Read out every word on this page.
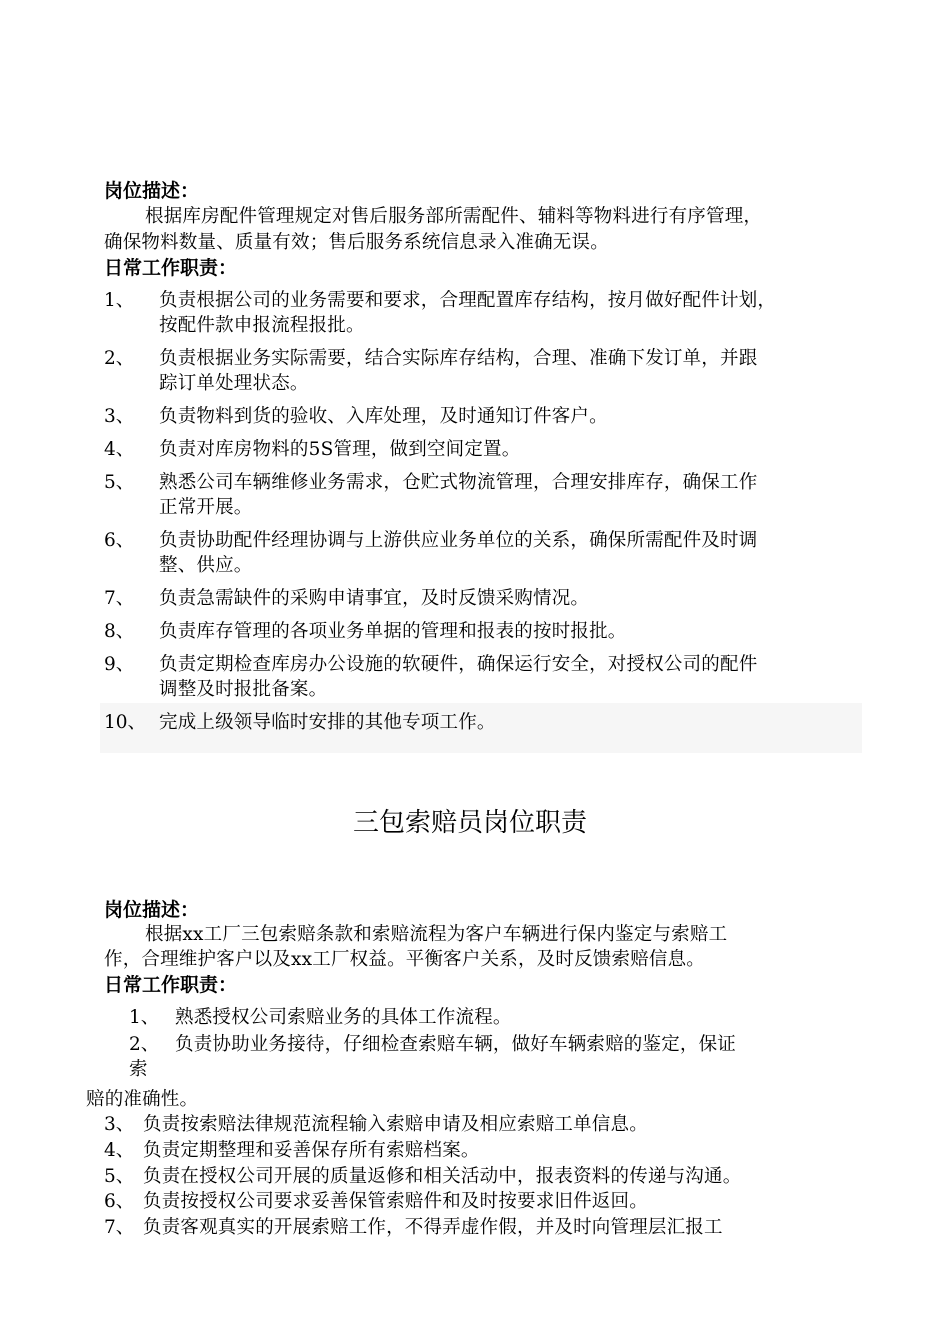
岗位描述：
根据库房配件管理规定对售后服务部所需配件、辅料等物料进行有序管理，
确保物料数量、质量有效；售后服务系统信息录入准确无误。
日常工作职责：
1、 负责根据公司的业务需要和要求，合理配置库存结构，按月做好配件计划，
按配件款申报流程报批。
2、 负责根据业务实际需要，结合实际库存结构，合理、准确下发订单，并跟
踪订单处理状态。
3、 负责物料到货的验收、入库处理，及时通知订件客户。
4、 负责对库房物料的5S管理，做到空间定置。
5、 熟悉公司车辆维修业务需求，仓贮式物流管理，合理安排库存，确保工作
正常开展。
6、 负责协助配件经理协调与上游供应业务单位的关系，确保所需配件及时调
整、供应。
7、 负责急需缺件的采购申请事宜，及时反馈采购情况。
8、 负责库存管理的各项业务单据的管理和报表的按时报批。
9、 负责定期检查库房办公设施的软硬件，确保运行安全，对授权公司的配件
调整及时报批备案。
10、 完成上级领导临时安排的其他专项工作。
三包索赔员岗位职责
岗位描述：
根据xx工厂三包索赔条款和索赔流程为客户车辆进行保内鉴定与索赔工
作，合理维护客户以及xx工厂权益。平衡客户关系，及时反馈索赔信息。
日常工作职责：
1、 熟悉授权公司索赔业务的具体工作流程。
2、 负责协助业务接待，仔细检查索赔车辆，做好车辆索赔的鉴定，保证
索
赔的准确性。
3、 负责按索赔法律规范流程输入索赔申请及相应索赔工单信息。
4、 负责定期整理和妥善保存所有索赔档案。
5、 负责在授权公司开展的质量返修和相关活动中，报表资料的传递与沟通。
6、 负责按授权公司要求妥善保管索赔件和及时按要求旧件返回。
7、 负责客观真实的开展索赔工作，不得弄虚作假，并及时向管理层汇报工
